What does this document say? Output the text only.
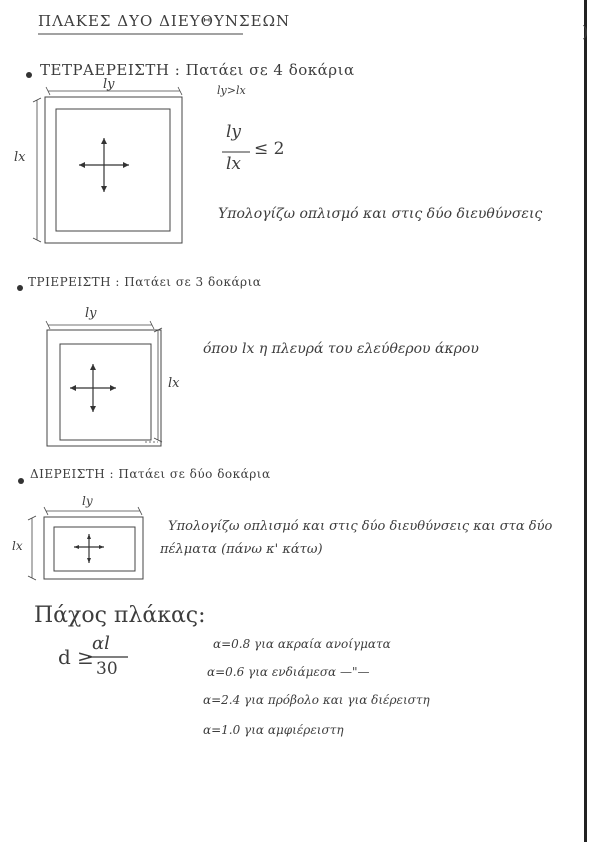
)
ΠΛΑΚΕΣ ΔΥΟ ΔΙΕΥΘΥΝΣΕΩΝ
ΤΕΤΡΑΕΡΕΙΣΤΗ : Πατάει σε 4 δοκάρια
ly>lx
ly
lx
ly
lx
≤ 2
Υπολογίζω οπλισμό και στις δύο διευθύνσεις
ΤΡΙΕΡΕΙΣΤΗ : Πατάει σε 3 δοκάρια
ly
lx
όπου lx η πλευρά του ελεύθερου άκρου
ΔΙΕΡΕΙΣΤΗ : Πατάει σε δύο δοκάρια
ly
lx
Υπολογίζω οπλισμό και στις δύο διευθύνσεις και στα δύο
πέλματα (πάνω κ' κάτω)
Πάχος πλάκας:
d ≥
αl
30
α=0.8 για ακραία ανοίγματα
α=0.6 για ενδιάμεσα —"—
α=2.4 για πρόβολο και για διέρειστη
α=1.0 για αμφιέρειστη
